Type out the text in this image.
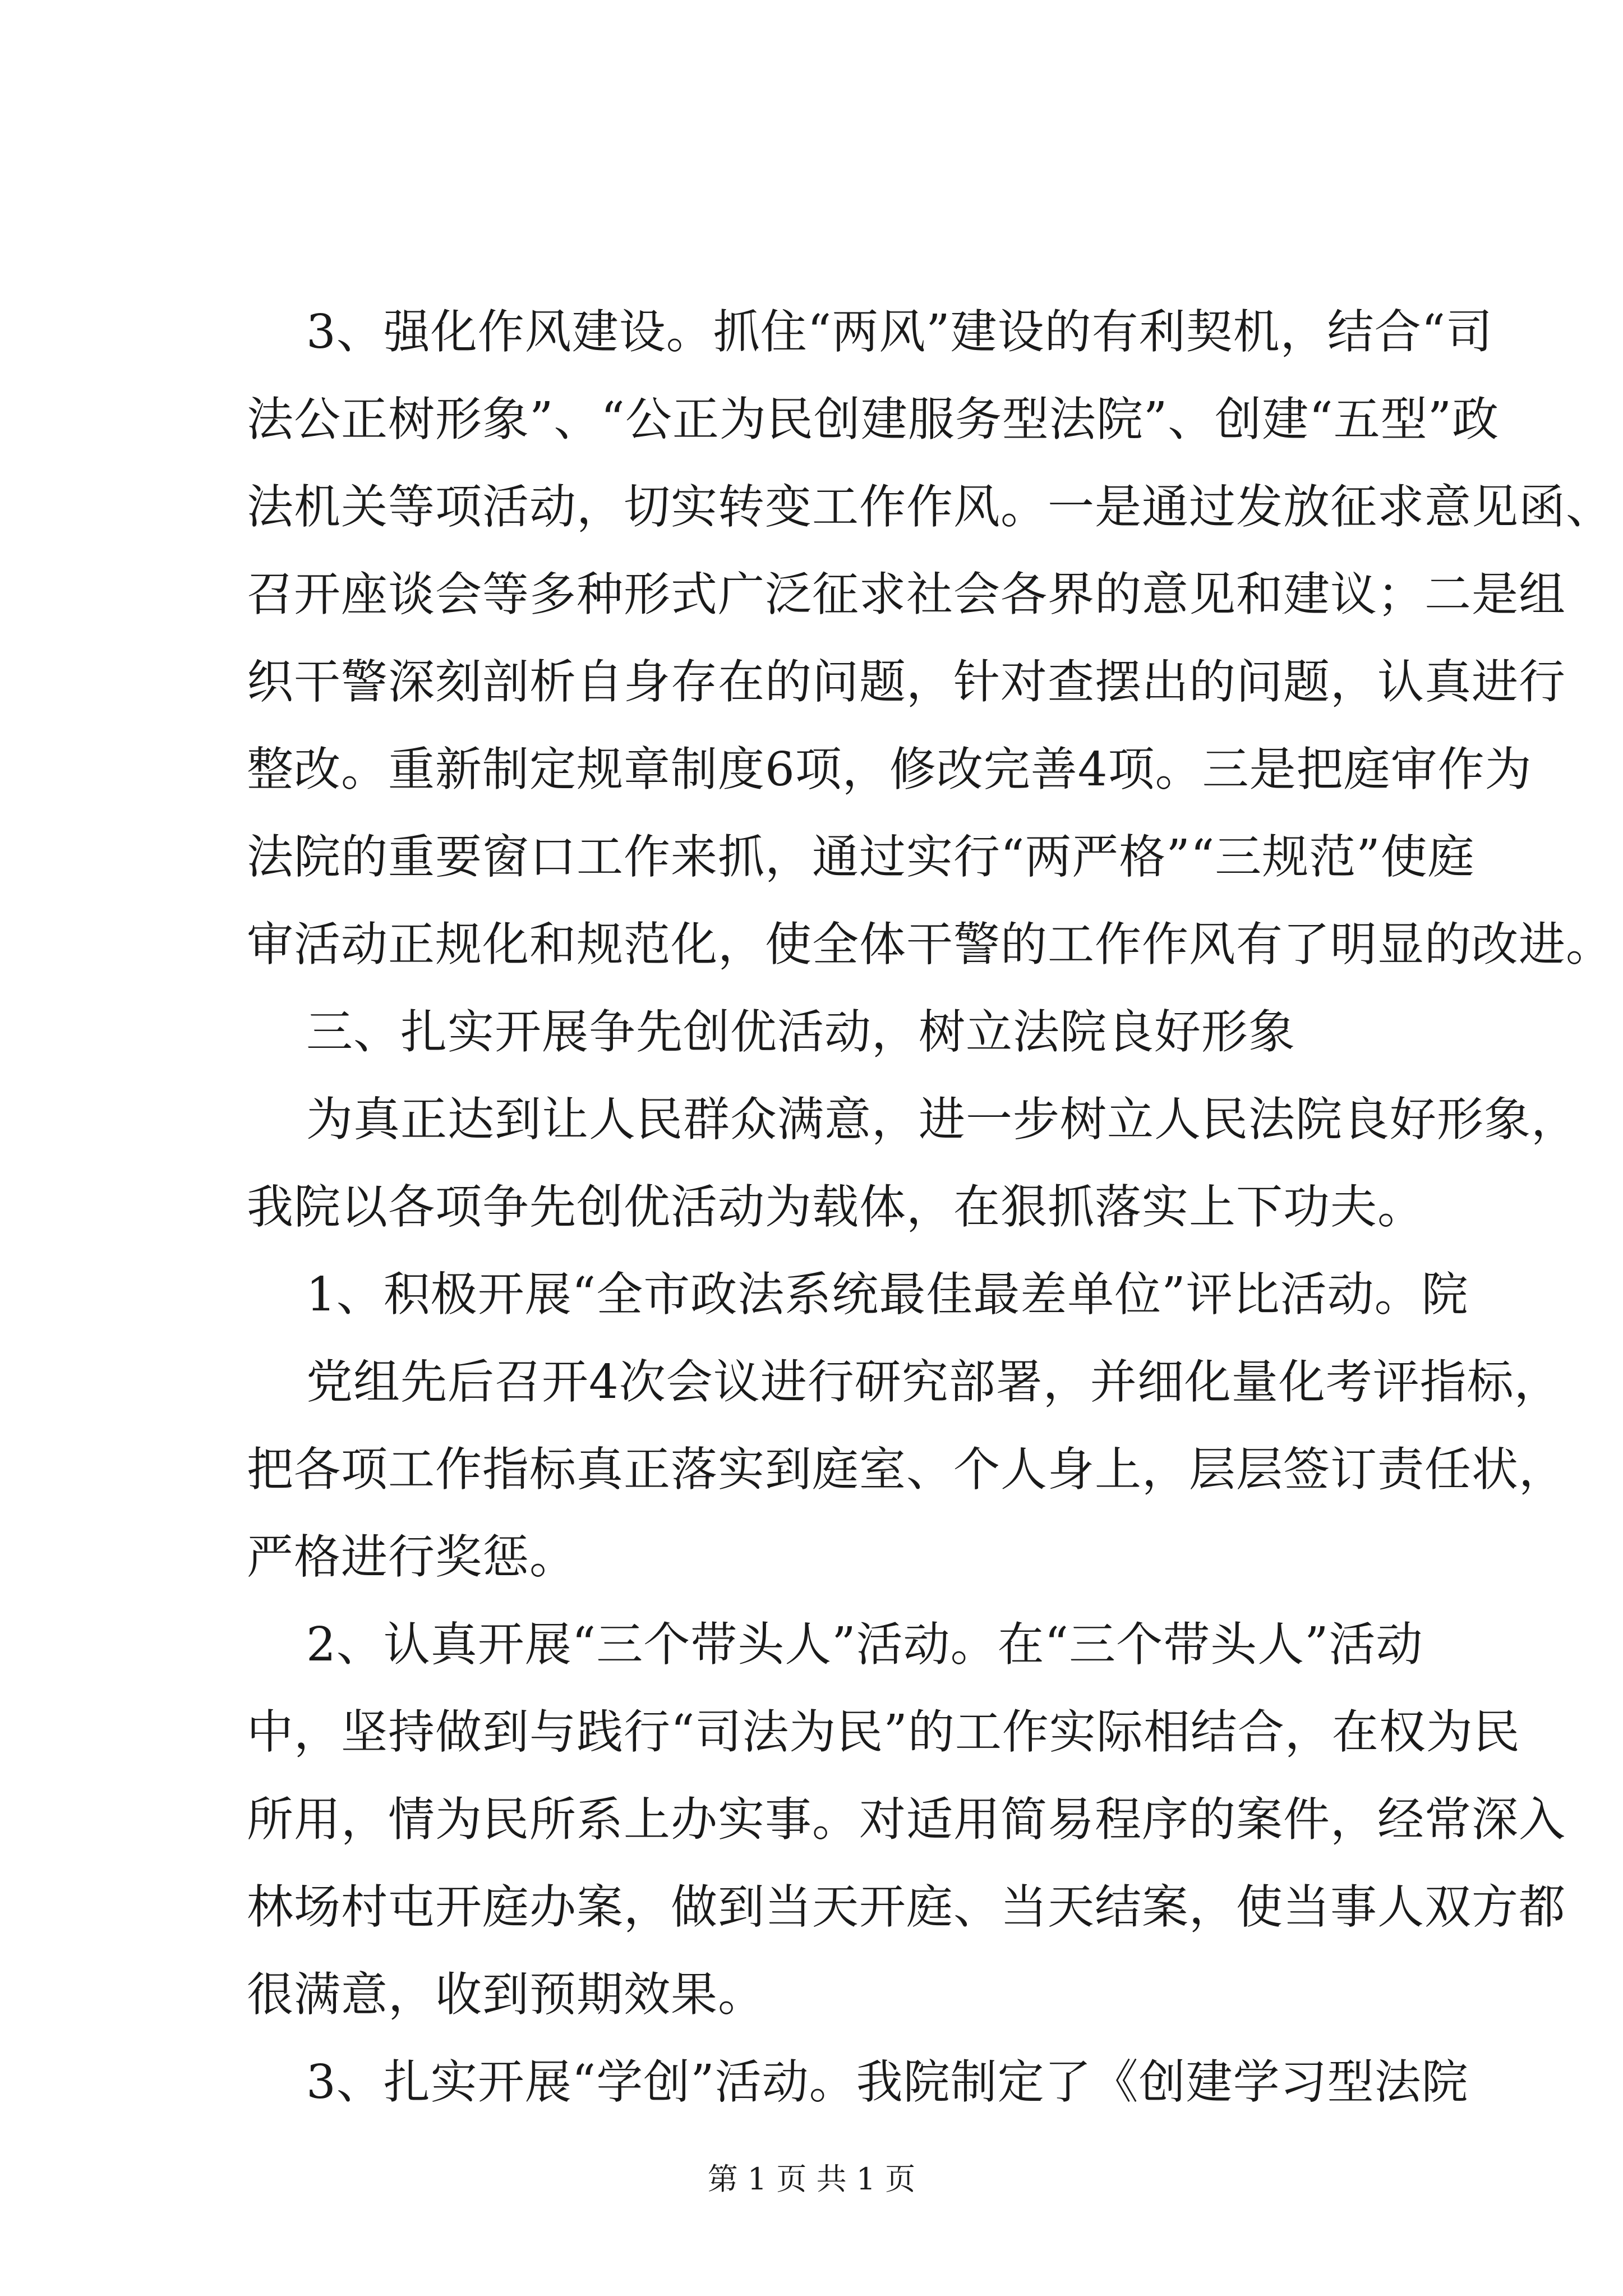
3、强化作风建设。抓住“两风”建设的有利契机，结合“司
法公正树形象”、“公正为民创建服务型法院”、创建“五型”政
法机关等项活动，切实转变工作作风。一是通过发放征求意见函、
召开座谈会等多种形式广泛征求社会各界的意见和建议；二是组
织干警深刻剖析自身存在的问题，针对查摆出的问题，认真进行
整改。重新制定规章制度6项，修改完善4项。三是把庭审作为
法院的重要窗口工作来抓，通过实行“两严格”“三规范”使庭
审活动正规化和规范化，使全体干警的工作作风有了明显的改进。
三、扎实开展争先创优活动，树立法院良好形象
为真正达到让人民群众满意，进一步树立人民法院良好形象，
我院以各项争先创优活动为载体，在狠抓落实上下功夫。
1、积极开展“全市政法系统最佳最差单位”评比活动。院
党组先后召开4次会议进行研究部署，并细化量化考评指标，
把各项工作指标真正落实到庭室、个人身上，层层签订责任状，
严格进行奖惩。
2、认真开展“三个带头人”活动。在“三个带头人”活动
中，坚持做到与践行“司法为民”的工作实际相结合，在权为民
所用，情为民所系上办实事。对适用简易程序的案件，经常深入
林场村屯开庭办案，做到当天开庭、当天结案，使当事人双方都
很满意，收到预期效果。
3、扎实开展“学创”活动。我院制定了《创建学习型法院
第 1 页 共 1 页
